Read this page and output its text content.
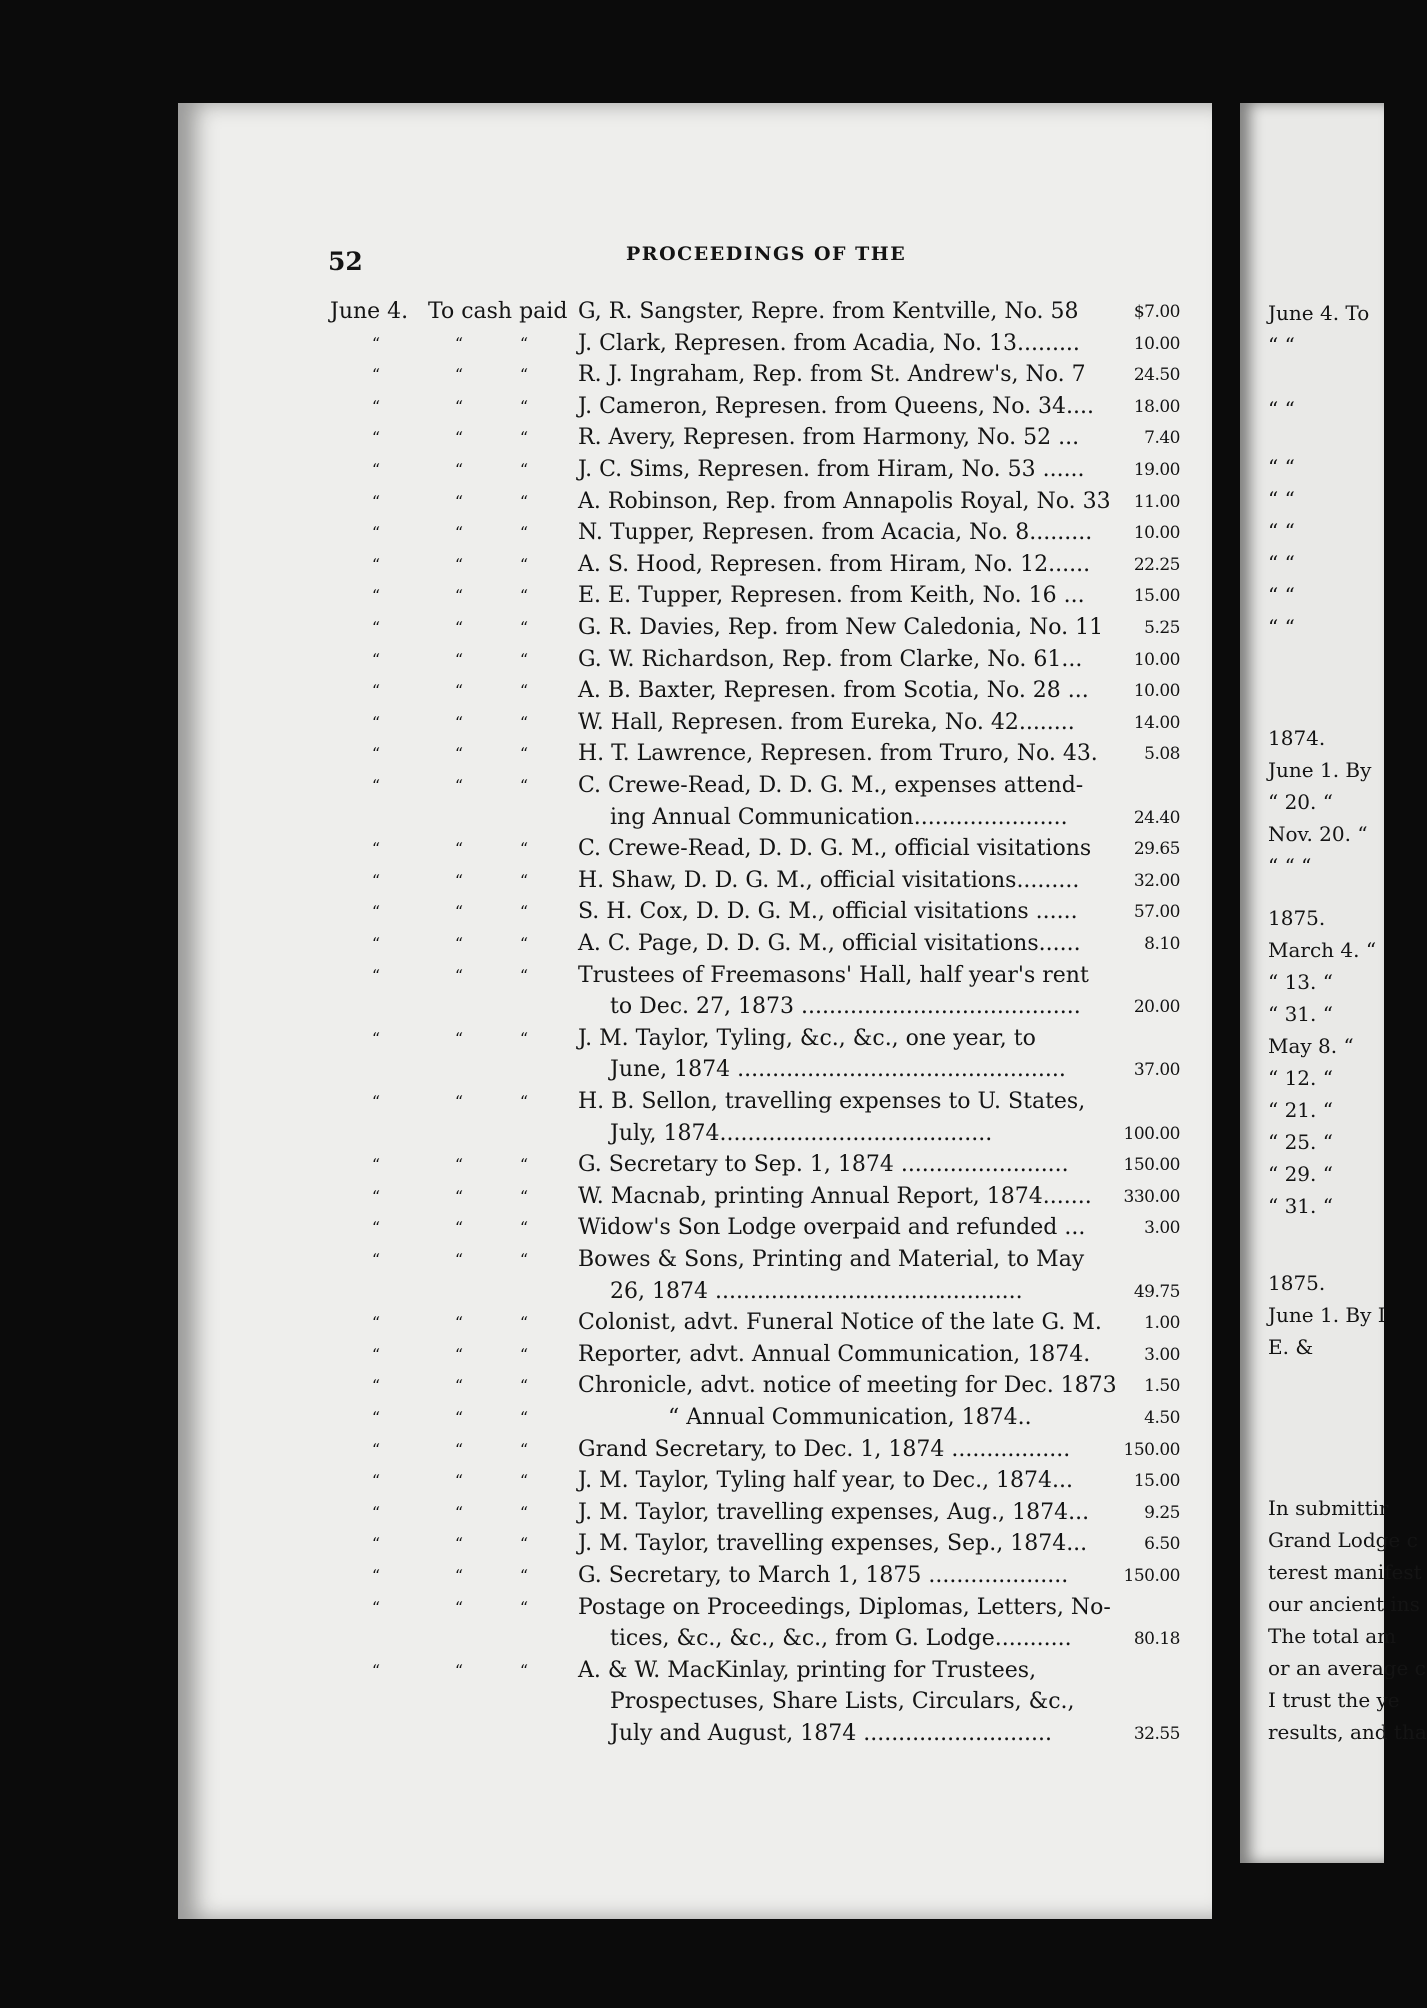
52	PROCEEDINGS OF THE
June 4. To cash paid G, R. Sangster, Repre. from Kentville, No. 58	$7.00
“	“	“ J. Clark, Represen. from Acadia, No. 13.........	10.00
“	“	“ R. J. Ingraham, Rep. from St. Andrew's, No. 7	24.50
“	“	“ J. Cameron, Represen. from Queens, No. 34....	18.00
“	“	“ R. Avery, Represen. from Harmony, No. 52 ...	7.40
“	“	“ J. C. Sims, Represen. from Hiram, No. 53 ......	19.00
“	“	“ A. Robinson, Rep. from Annapolis Royal, No. 33	11.00
“	“	“ N. Tupper, Represen. from Acacia, No. 8.........	10.00
“	“	“ A. S. Hood, Represen. from Hiram, No. 12......	22.25
“	“	“ E. E. Tupper, Represen. from Keith, No. 16 ...	15.00
“	“	“ G. R. Davies, Rep. from New Caledonia, No. 11	5.25
“	“	“ G. W. Richardson, Rep. from Clarke, No. 61...	10.00
“	“	“ A. B. Baxter, Represen. from Scotia, No. 28 ...	10.00
“	“	“ W. Hall, Represen. from Eureka, No. 42........	14.00
“	“	“ H. T. Lawrence, Represen. from Truro, No. 43.	5.08
“	“	“ C. Crewe-Read, D. D. G. M., expenses attend-
ing Annual Communication......................	24.40
“	“	“ C. Crewe-Read, D. D. G. M., official visitations	29.65
“	“	“ H. Shaw, D. D. G. M., official visitations.........	32.00
“	“	“ S. H. Cox, D. D. G. M., official visitations ......	57.00
“	“	“ A. C. Page, D. D. G. M., official visitations......	8.10
“	“	“ Trustees of Freemasons' Hall, half year's rent
to Dec. 27, 1873 ........................................	20.00
“	“	“ J. M. Taylor, Tyling, &c., &c., one year, to
June, 1874 ...............................................	37.00
“	“	“ H. B. Sellon, travelling expenses to U. States,
July, 1874.......................................	100.00
“	“	“ G. Secretary to Sep. 1, 1874 ........................	150.00
“	“	“ W. Macnab, printing Annual Report, 1874.......	330.00
“	“	“ Widow's Son Lodge overpaid and refunded ...	3.00
“	“	“ Bowes & Sons, Printing and Material, to May
26, 1874 ............................................	49.75
“	“	“ Colonist, advt. Funeral Notice of the late G. M.	1.00
“	“	“ Reporter, advt. Annual Communication, 1874.	3.00
“	“	“ Chronicle, advt. notice of meeting for Dec. 1873	1.50
“	“	“	“ Annual Communication, 1874..	4.50
“	“	“ Grand Secretary, to Dec. 1, 1874 .................	150.00
“	“	“ J. M. Taylor, Tyling half year, to Dec., 1874...	15.00
“	“	“ J. M. Taylor, travelling expenses, Aug., 1874...	9.25
“	“	“ J. M. Taylor, travelling expenses, Sep., 1874...	6.50
“	“	“ G. Secretary, to March 1, 1875 ....................	150.00
“	“	“ Postage on Proceedings, Diplomas, Letters, No-
tices, &c., &c., &c., from G. Lodge...........	80.18
“	“	“ A. & W. MacKinlay, printing for Trustees,
Prospectuses, Share Lists, Circulars, &c.,
July and August, 1874 ...........................	32.55
June 4. To
“ “
“ “
“ “
“ “
“ “
“ “
“ “
“ “
1874.
June 1. By
“ 20. “
Nov. 20. “
“ “ “
1875.
March 4. “
“ 13. “
“ 31. “
May 8. “
“ 12. “
“ 21. “
“ 25. “
“ 29. “
“ 31. “
1875.
June 1. By I
E. &
In submittir
Grand Lodge c
terest manifest
our ancient ins
The total am
or an average c
I trust the ye
results, and tha
